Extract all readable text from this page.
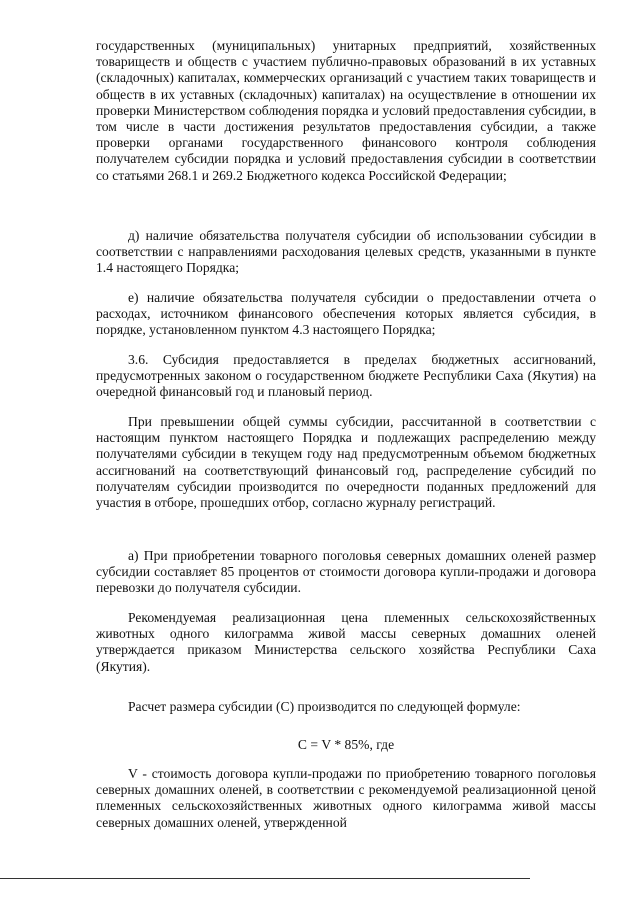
государственных (муниципальных) унитарных предприятий, хозяйственных товариществ и обществ с участием публично-правовых образований в их уставных (складочных) капиталах, коммерческих организаций с участием таких товариществ и обществ в их уставных (складочных) капиталах) на осуществление в отношении их проверки Министерством соблюдения порядка и условий предоставления субсидии, в том числе в части достижения результатов предоставления субсидии, а также проверки органами государственного финансового контроля соблюдения получателем субсидии порядка и условий предоставления субсидии в соответствии со статьями 268.1 и 269.2 Бюджетного кодекса Российской Федерации;

д) наличие обязательства получателя субсидии об использовании субсидии в соответствии с направлениями расходования целевых средств, указанными в пункте 1.4 настоящего Порядка;

е) наличие обязательства получателя субсидии о предоставлении отчета о расходах, источником финансового обеспечения которых является субсидия, в порядке, установленном пунктом 4.3 настоящего Порядка;

3.6. Субсидия предоставляется в пределах бюджетных ассигнований, предусмотренных законом о государственном бюджете Республики Саха (Якутия) на очередной финансовый год и плановый период.

При превышении общей суммы субсидии, рассчитанной в соответствии с настоящим пунктом настоящего Порядка и подлежащих распределению между получателями субсидии в текущем году над предусмотренным объемом бюджетных ассигнований на соответствующий финансовый год, распределение субсидий по получателям субсидии производится по очередности поданных предложений для участия в отборе, прошедших отбор, согласно журналу регистраций.

а) При приобретении товарного поголовья северных домашних оленей размер субсидии составляет 85 процентов от стоимости договора купли-продажи и договора перевозки до получателя субсидии.

Рекомендуемая реализационная цена племенных сельскохозяйственных животных одного килограмма живой массы северных домашних оленей утверждается приказом Министерства сельского хозяйства Республики Саха (Якутия).

Расчет размера субсидии (С) производится по следующей формуле:

С = V * 85%, где

V - стоимость договора купли-продажи по приобретению товарного поголовья северных домашних оленей, в соответствии с рекомендуемой реализационной ценой племенных сельскохозяйственных животных одного килограмма живой массы северных домашних оленей, утвержденной
